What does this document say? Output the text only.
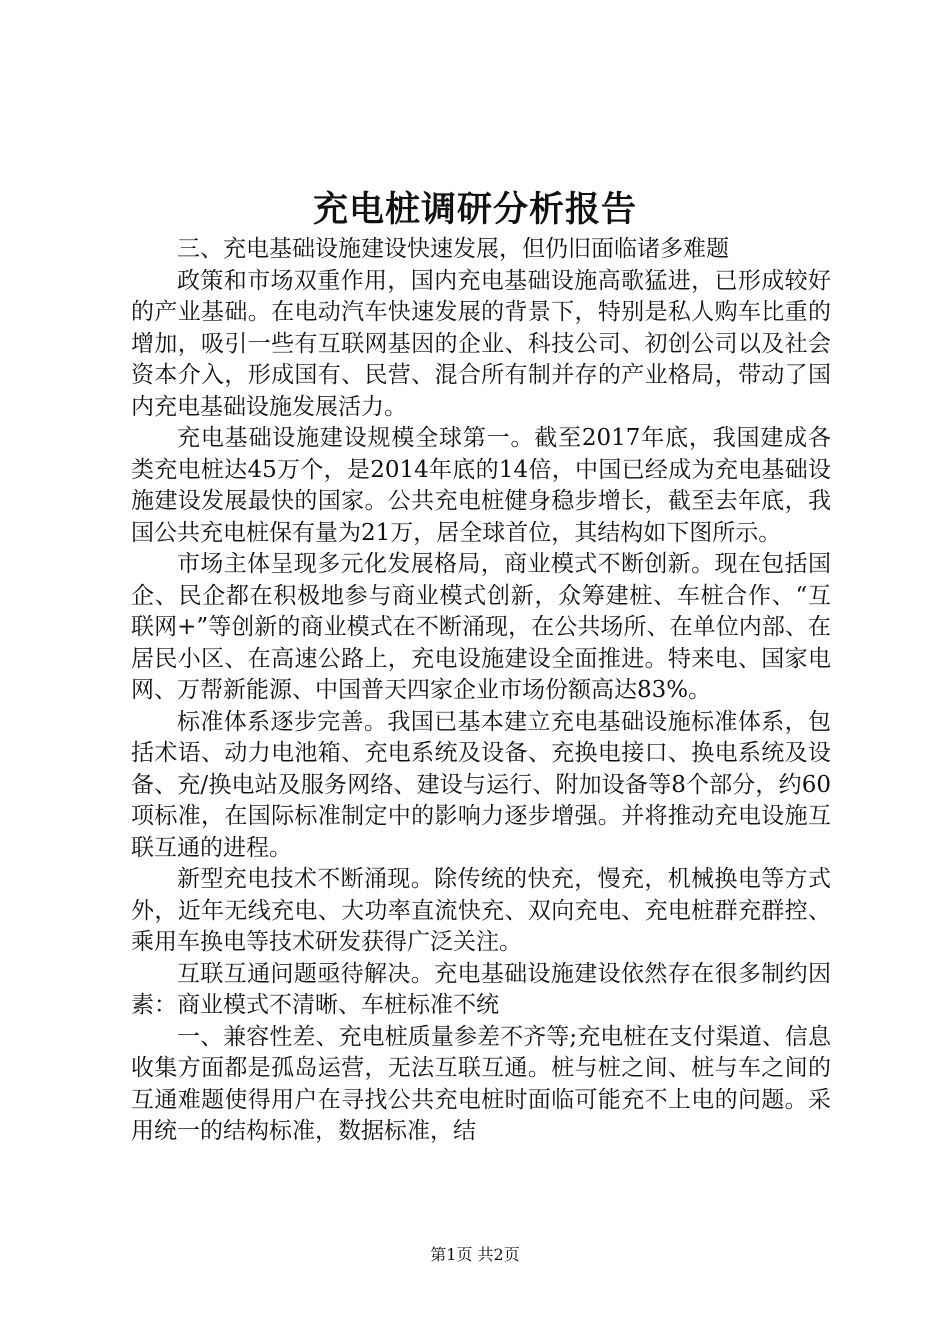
充电桩调研分析报告

三、充电基础设施建设快速发展，但仍旧面临诸多难题

政策和市场双重作用，国内充电基础设施高歌猛进，已形成较好的产业基础。在电动汽车快速发展的背景下，特别是私人购车比重的增加，吸引一些有互联网基因的企业、科技公司、初创公司以及社会资本介入，形成国有、民营、混合所有制并存的产业格局，带动了国内充电基础设施发展活力。

充电基础设施建设规模全球第一。截至2017年底，我国建成各类充电桩达45万个，是2014年底的14倍，中国已经成为充电基础设施建设发展最快的国家。公共充电桩健身稳步增长，截至去年底，我国公共充电桩保有量为21万，居全球首位，其结构如下图所示。

市场主体呈现多元化发展格局，商业模式不断创新。现在包括国企、民企都在积极地参与商业模式创新，众筹建桩、车桩合作、“互联网+”等创新的商业模式在不断涌现，在公共场所、在单位内部、在居民小区、在高速公路上，充电设施建设全面推进。特来电、国家电网、万帮新能源、中国普天四家企业市场份额高达83%。

标准体系逐步完善。我国已基本建立充电基础设施标准体系，包括术语、动力电池箱、充电系统及设备、充换电接口、换电系统及设备、充/换电站及服务网络、建设与运行、附加设备等8个部分，约60项标准，在国际标准制定中的影响力逐步增强。并将推动充电设施互联互通的进程。

新型充电技术不断涌现。除传统的快充，慢充，机械换电等方式外，近年无线充电、大功率直流快充、双向充电、充电桩群充群控、乘用车换电等技术研发获得广泛关注。

互联互通问题亟待解决。充电基础设施建设依然存在很多制约因素：商业模式不清晰、车桩标准不统

一、兼容性差、充电桩质量参差不齐等;充电桩在支付渠道、信息收集方面都是孤岛运营，无法互联互通。桩与桩之间、桩与车之间的互通难题使得用户在寻找公共充电桩时面临可能充不上电的问题。采用统一的结构标准，数据标准，结

第1页 共2页
